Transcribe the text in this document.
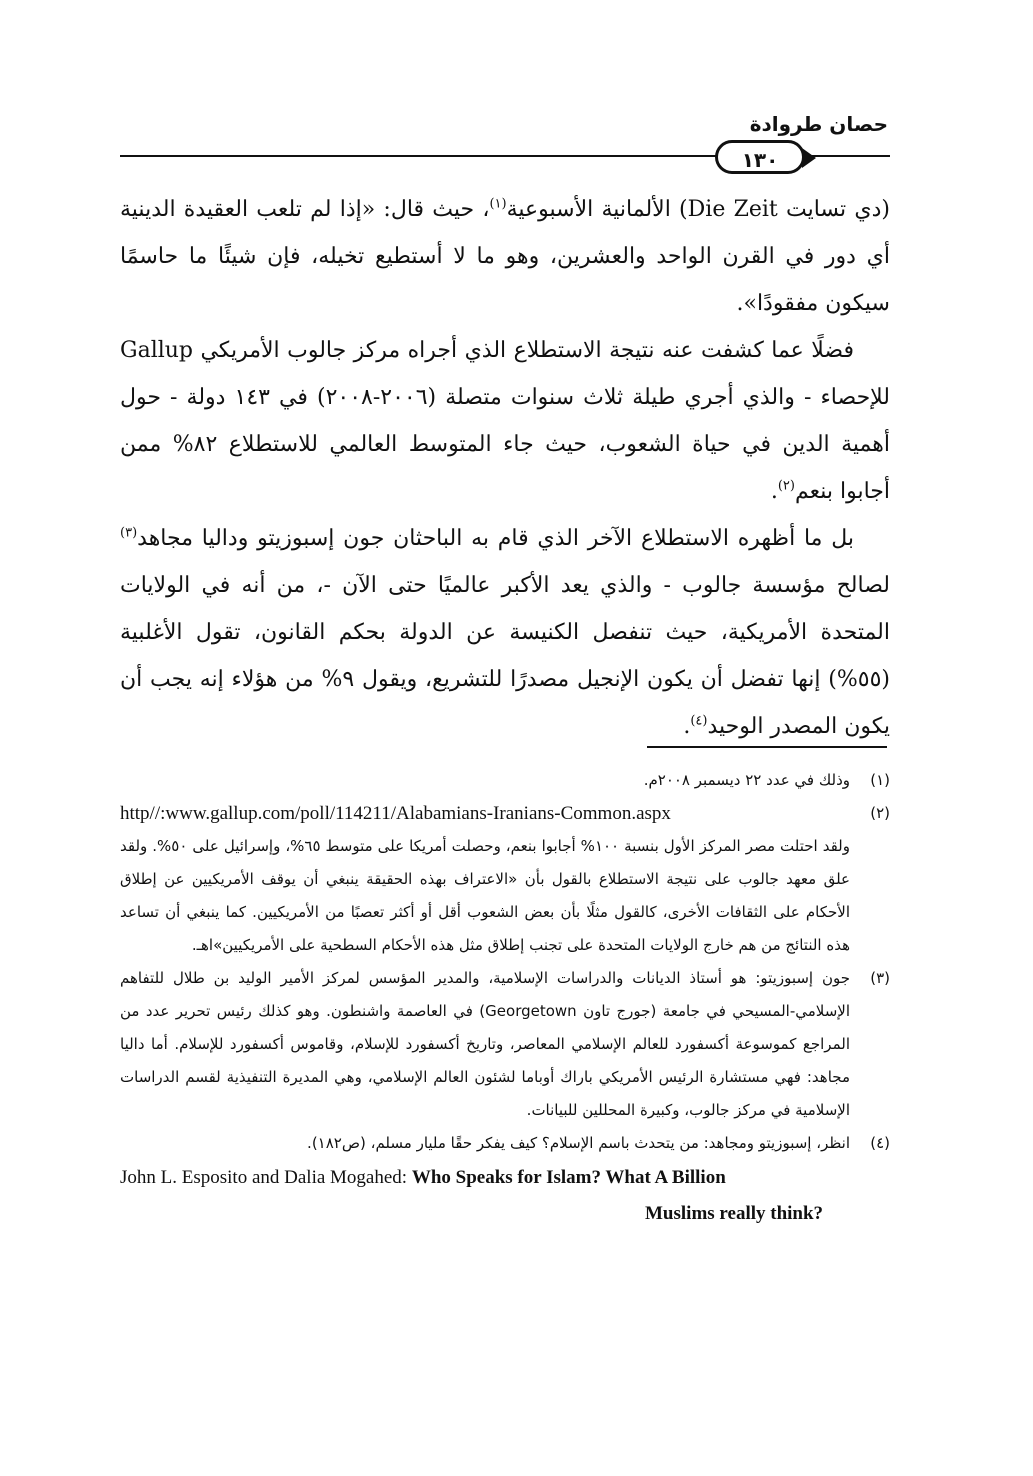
حصان طروادة
١٣٠

(دي تسايت Die Zeit) الألمانية الأسبوعية$^{(١)}$، حيث قال: «إذا لم تلعب العقيدة الدينية أي دور في القرن الواحد والعشرين، وهو ما لا أستطيع تخيله، فإن شيئًا ما حاسمًا سيكون مفقودًا».

فضلًا عما كشفت عنه نتيجة الاستطلاع الذي أجراه مركز جالوب الأمريكي Gallup للإحصاء - والذي أجري طيلة ثلاث سنوات متصلة (٢٠٠٦-٢٠٠٨) في ١٤٣ دولة - حول أهمية الدين في حياة الشعوب، حيث جاء المتوسط العالمي للاستطلاع ٨٢% ممن أجابوا بنعم$^{(٢)}$.

بل ما أظهره الاستطلاع الآخر الذي قام به الباحثان جون إسبوزيتو وداليا مجاهد$^{(٣)}$ لصالح مؤسسة جالوب - والذي يعد الأكبر عالميًا حتى الآن -، من أنه في الولايات المتحدة الأمريكية، حيث تنفصل الكنيسة عن الدولة بحكم القانون، تقول الأغلبية (٥٥%) إنها تفضل أن يكون الإنجيل مصدرًا للتشريع، ويقول ٩% من هؤلاء إنه يجب أن يكون المصدر الوحيد$^{(٤)}$.

(١)
وذلك في عدد ٢٢ ديسمبر ٢٠٠٨م.
(٢)

http//:www.gallup.com/poll/114211/Alabamians-Iranians-Common.aspx

ولقد احتلت مصر المركز الأول بنسبة ١٠٠% أجابوا بنعم، وحصلت أمريكا على متوسط ٦٥%، وإسرائيل على ٥٠%. ولقد علق معهد جالوب على نتيجة الاستطلاع بالقول بأن «الاعتراف بهذه الحقيقة ينبغي أن يوقف الأمريكيين عن إطلاق الأحكام على الثقافات الأخرى، كالقول مثلًا بأن بعض الشعوب أقل أو أكثر تعصبًا من الأمريكيين. كما ينبغي أن تساعد هذه النتائج من هم خارج الولايات المتحدة على تجنب إطلاق مثل هذه الأحكام السطحية على الأمريكيين»اهـ.

(٣)
جون إسبوزيتو: هو أستاذ الديانات والدراسات الإسلامية، والمدير المؤسس لمركز الأمير الوليد بن طلال للتفاهم الإسلامي-المسيحي في جامعة (جورج تاون Georgetown) في العاصمة واشنطون. وهو كذلك رئيس تحرير عدد من المراجع كموسوعة أكسفورد للعالم الإسلامي المعاصر، وتاريخ أكسفورد للإسلام، وقاموس أكسفورد للإسلام. أما داليا مجاهد: فهي مستشارة الرئيس الأمريكي باراك أوباما لشئون العالم الإسلامي، وهي المديرة التنفيذية لقسم الدراسات الإسلامية في مركز جالوب، وكبيرة المحللين للبيانات.
(٤)
انظر، إسبوزيتو ومجاهد: من يتحدث باسم الإسلام؟ كيف يفكر حقًا مليار مسلم، (ص١٨٢).
John L. Esposito and Dalia Mogahed: Who Speaks for Islam? What A Billion
Muslims really think?
